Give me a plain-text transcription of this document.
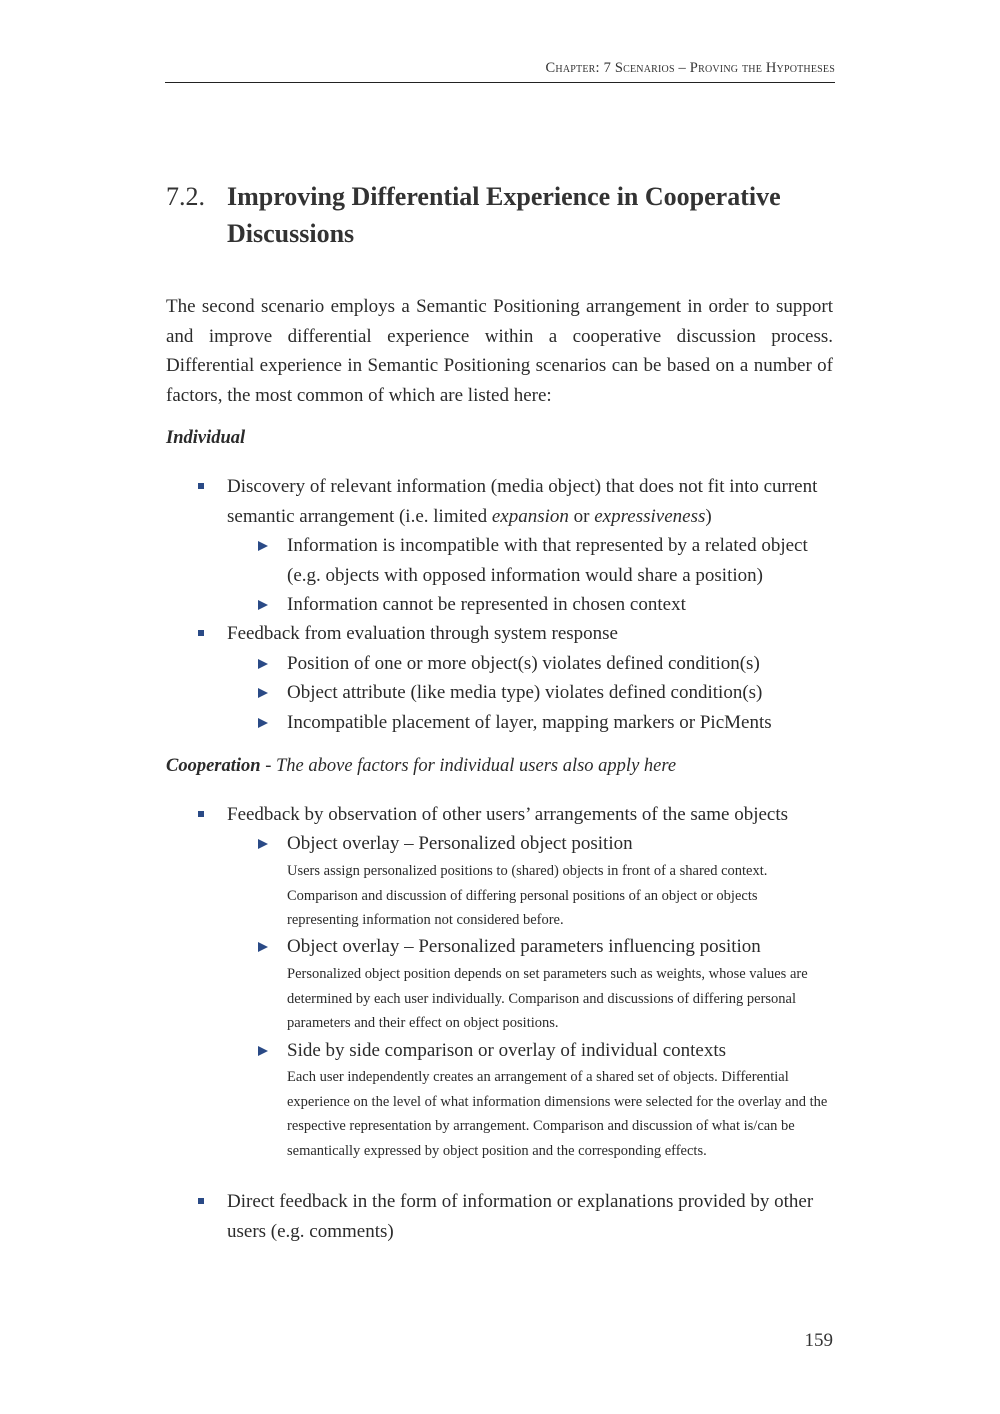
Chapter: 7 Scenarios – Proving the Hypotheses
7.2. Improving Differential Experience in Cooperative Discussions

The second scenario employs a Semantic Positioning arrangement in order to support and improve differential experience within a cooperative discussion process. Differential experience in Semantic Positioning scenarios can be based on a number of factors, the most common of which are listed here:

Individual
Discovery of relevant information (media object) that does not fit into current semantic arrangement (i.e. limited expansion or expressiveness)
Information is incompatible with that represented by a related object (e.g. objects with opposed information would share a position)
Information cannot be represented in chosen context
Feedback from evaluation through system response
Position of one or more object(s) violates defined condition(s)
Object attribute (like media type) violates defined condition(s)
Incompatible placement of layer, mapping markers or PicMents
Cooperation - The above factors for individual users also apply here
Feedback by observation of other users’ arrangements of the same objects
Object overlay – Personalized object position
Users assign personalized positions to (shared) objects in front of a shared context. Comparison and discussion of differing personal positions of an object or objects representing information not considered before.
Object overlay – Personalized parameters influencing position
Personalized object position depends on set parameters such as weights, whose values are determined by each user individually. Comparison and discussions of differing personal parameters and their effect on object positions.
Side by side comparison or overlay of individual contexts
Each user independently creates an arrangement of a shared set of objects. Differential experience on the level of what information dimensions were selected for the overlay and the respective representation by arrangement. Comparison and discussion of what is/can be semantically expressed by object position and the corresponding effects.
Direct feedback in the form of information or explanations provided by other users (e.g. comments)
159
